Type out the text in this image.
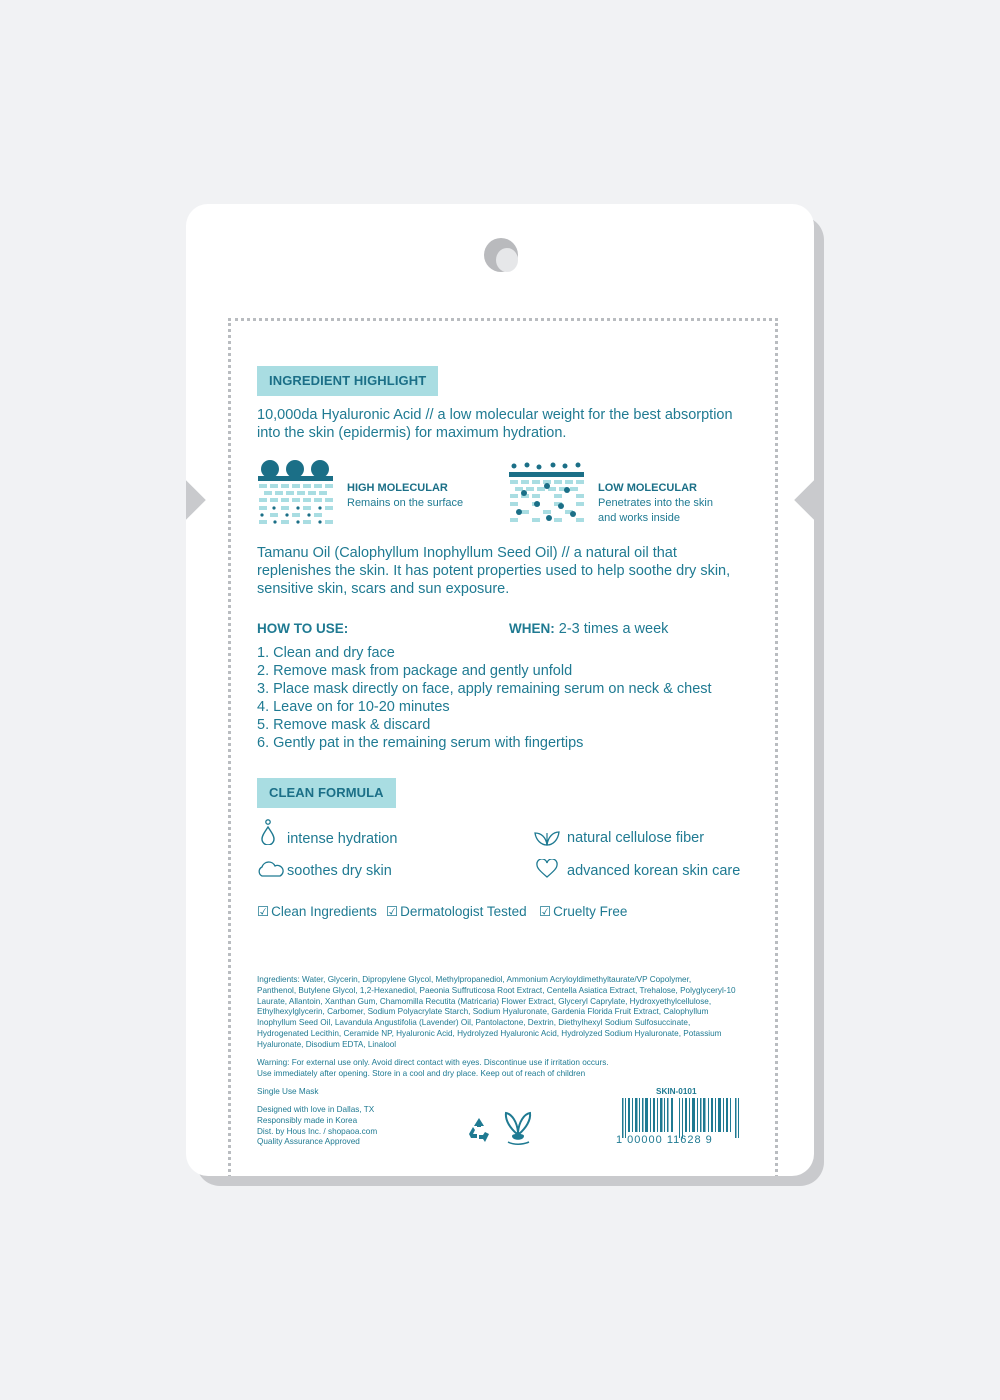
INGREDIENT HIGHLIGHT
10,000da Hyaluronic Acid // a low molecular weight for the best absorption
into the skin (epidermis) for maximum hydration.
HIGH MOLECULAR
Remains on the surface
LOW MOLECULAR
Penetrates into the skin
and works inside
Tamanu Oil (Calophyllum Inophyllum Seed Oil) // a natural oil that
replenishes the skin. It has potent properties used to help soothe dry skin,
sensitive skin, scars and sun exposure.
HOW TO USE:	WHEN: 2-3 times a week
1. Clean and dry face
2. Remove mask from package and gently unfold
3. Place mask directly on face, apply remaining serum on neck & chest
4. Leave on for 10-20 minutes
5. Remove mask & discard
6. Gently pat in the remaining serum with fingertips
CLEAN FORMULA
intense hydration	natural cellulose fiber
soothes dry skin	advanced korean skin care
☑ Clean Ingredients ☑ Dermatologist Tested ☑ Cruelty Free
Ingredients: Water, Glycerin, Dipropylene Glycol, Methylpropanediol, Ammonium Acryloyldimethyltaurate/VP Copolymer,
Panthenol, Butylene Glycol, 1,2-Hexanediol, Paeonia Suffruticosa Root Extract, Centella Asiatica Extract, Trehalose, Polyglyceryl-10
Laurate, Allantoin, Xanthan Gum, Chamomilla Recutita (Matricaria) Flower Extract, Glyceryl Caprylate, Hydroxyethylcellulose,
Ethylhexylglycerin, Carbomer, Sodium Polyacrylate Starch, Sodium Hyaluronate, Gardenia Florida Fruit Extract, Calophyllum
Inophyllum Seed Oil, Lavandula Angustifolia (Lavender) Oil, Pantolactone, Dextrin, Diethylhexyl Sodium Sulfosuccinate,
Hydrogenated Lecithin, Ceramide NP, Hyaluronic Acid, Hydrolyzed Hyaluronic Acid, Hydrolyzed Sodium Hyaluronate, Potassium
Hyaluronate, Disodium EDTA, Linalool
Warning: For external use only. Avoid direct contact with eyes. Discontinue use if irritation occurs.
Use immediately after opening. Store in a cool and dry place. Keep out of reach of children
Single Use Mask
Designed with love in Dallas, TX
Responsibly made in Korea
Dist. by Hous Inc. / shopaoa.com
Quality Assurance Approved
SKIN-0101
1 00000 11628 9
